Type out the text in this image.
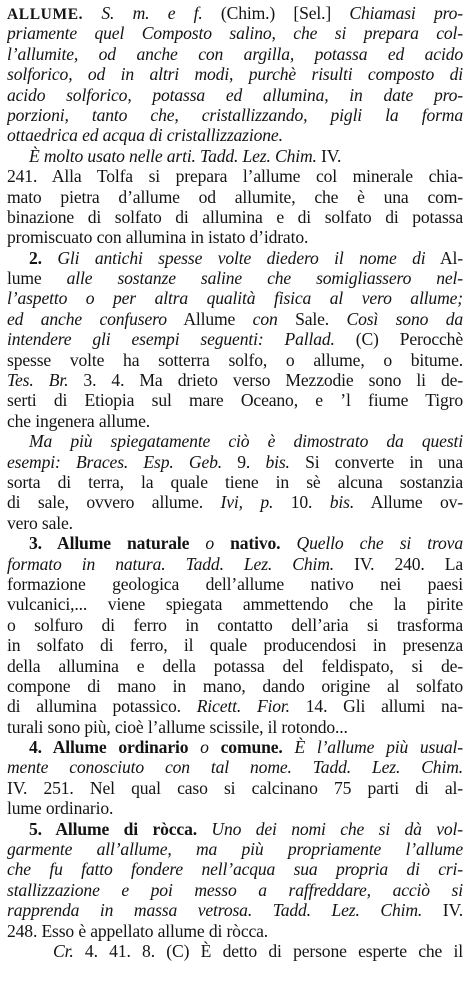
ALLUME. S. m. e f. (Chim.) [Sel.] Chiamasi pro-
priamente quel Composto salino, che si prepara col-
l’allumite, od anche con argilla, potassa ed acido
solforico, od in altri modi, purchè risulti composto di
acido solforico, potassa ed allumina, in date pro-
porzioni, tanto che, cristallizzando, pigli la forma
ottaedrica ed acqua di cristallizzazione.
È molto usato nelle arti. Tadd. Lez. Chim. IV.
241. Alla Tolfa si prepara l’allume col minerale chia-
mato pietra d’allume od allumite, che è una com-
binazione di solfato di allumina e di solfato di potassa
promiscuato con allumina in istato d’idrato.
2. Gli antichi spesse volte diedero il nome di Al-
lume alle sostanze saline che somigliassero nel-
l’aspetto o per altra qualità fisica al vero allume;
ed anche confusero Allume con Sale. Così sono da
intendere gli esempi seguenti: Pallad. (C) Perocchè
spesse volte ha sotterra solfo, o allume, o bitume.
Tes. Br. 3. 4. Ma drieto verso Mezzodie sono li de-
serti di Etiopia sul mare Oceano, e ’l fiume Tigro
che ingenera allume.
Ma più spiegatamente ciò è dimostrato da questi
esempi: Braces. Esp. Geb. 9. bis. Si converte in una
sorta di terra, la quale tiene in sè alcuna sostanzia
di sale, ovvero allume. Ivi, p. 10. bis. Allume ov-
vero sale.
3. Allume naturale o nativo. Quello che si trova
formato in natura. Tadd. Lez. Chim. IV. 240. La
formazione geologica dell’allume nativo nei paesi
vulcanici,... viene spiegata ammettendo che la pirite
o solfuro di ferro in contatto dell’aria si trasforma
in solfato di ferro, il quale producendosi in presenza
della allumina e della potassa del feldispato, si de-
compone di mano in mano, dando origine al solfato
di allumina potassico. Ricett. Fior. 14. Gli allumi na-
turali sono più, cioè l’allume scissile, il rotondo...
4. Allume ordinario o comune. È l’allume più usual-
mente conosciuto con tal nome. Tadd. Lez. Chim.
IV. 251. Nel qual caso si calcinano 75 parti di al-
lume ordinario.
5. Allume di ròcca. Uno dei nomi che si dà vol-
garmente all’allume, ma più propriamente l’allume
che fu fatto fondere nell’acqua sua propria di cri-
stallizzazione e poi messo a raffreddare, acciò si
rapprenda in massa vetrosa. Tadd. Lez. Chim. IV.
248. Esso è appellato allume di ròcca.
Cr. 4. 41. 8. (C) È detto di persone esperte che il
